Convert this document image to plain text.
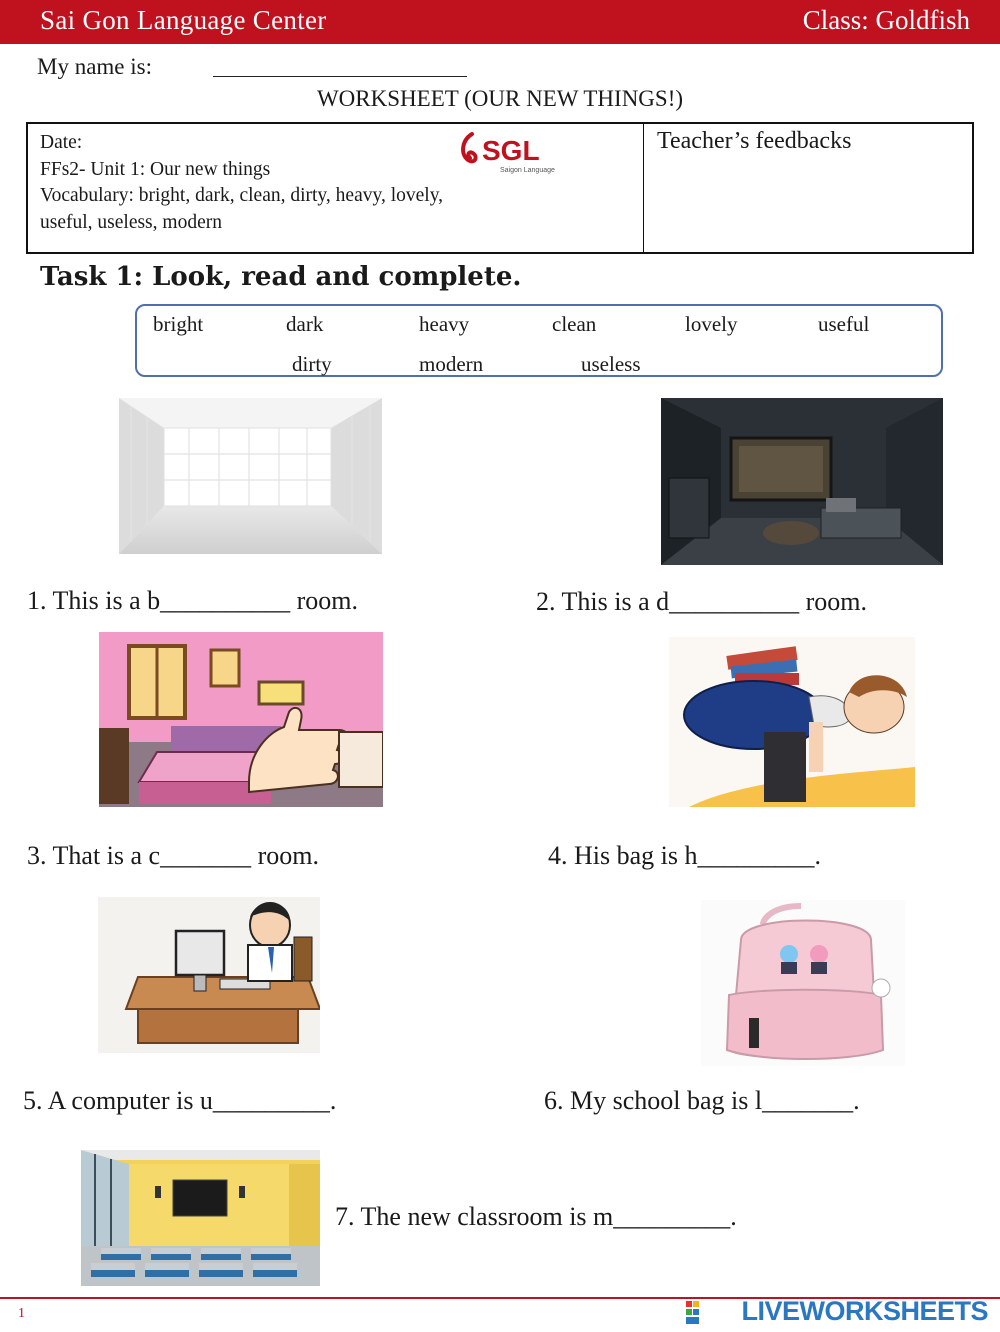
Sai Gon Language Center	Class: Goldfish
My name is:
WORKSHEET (OUR NEW THINGS!)
Date:
FFs2- Unit 1: Our new things
Vocabulary: bright, dark, clean, dirty, heavy, lovely,
useful, useless, modern
SGL
Saigon Language
Teacher’s feedbacks
Task 1: Look, read and complete.
bright	dark	heavy	clean	lovely	useful
dirty	modern	useless
1. This is a b__________ room.	2. This is a d__________ room.
3. That is a c_______ room.	4. His bag is h_________.
5. A computer is u_________.	6. My school bag is l_______.
7. The new classroom is m_________.
1	LIVEWORKSHEETS
